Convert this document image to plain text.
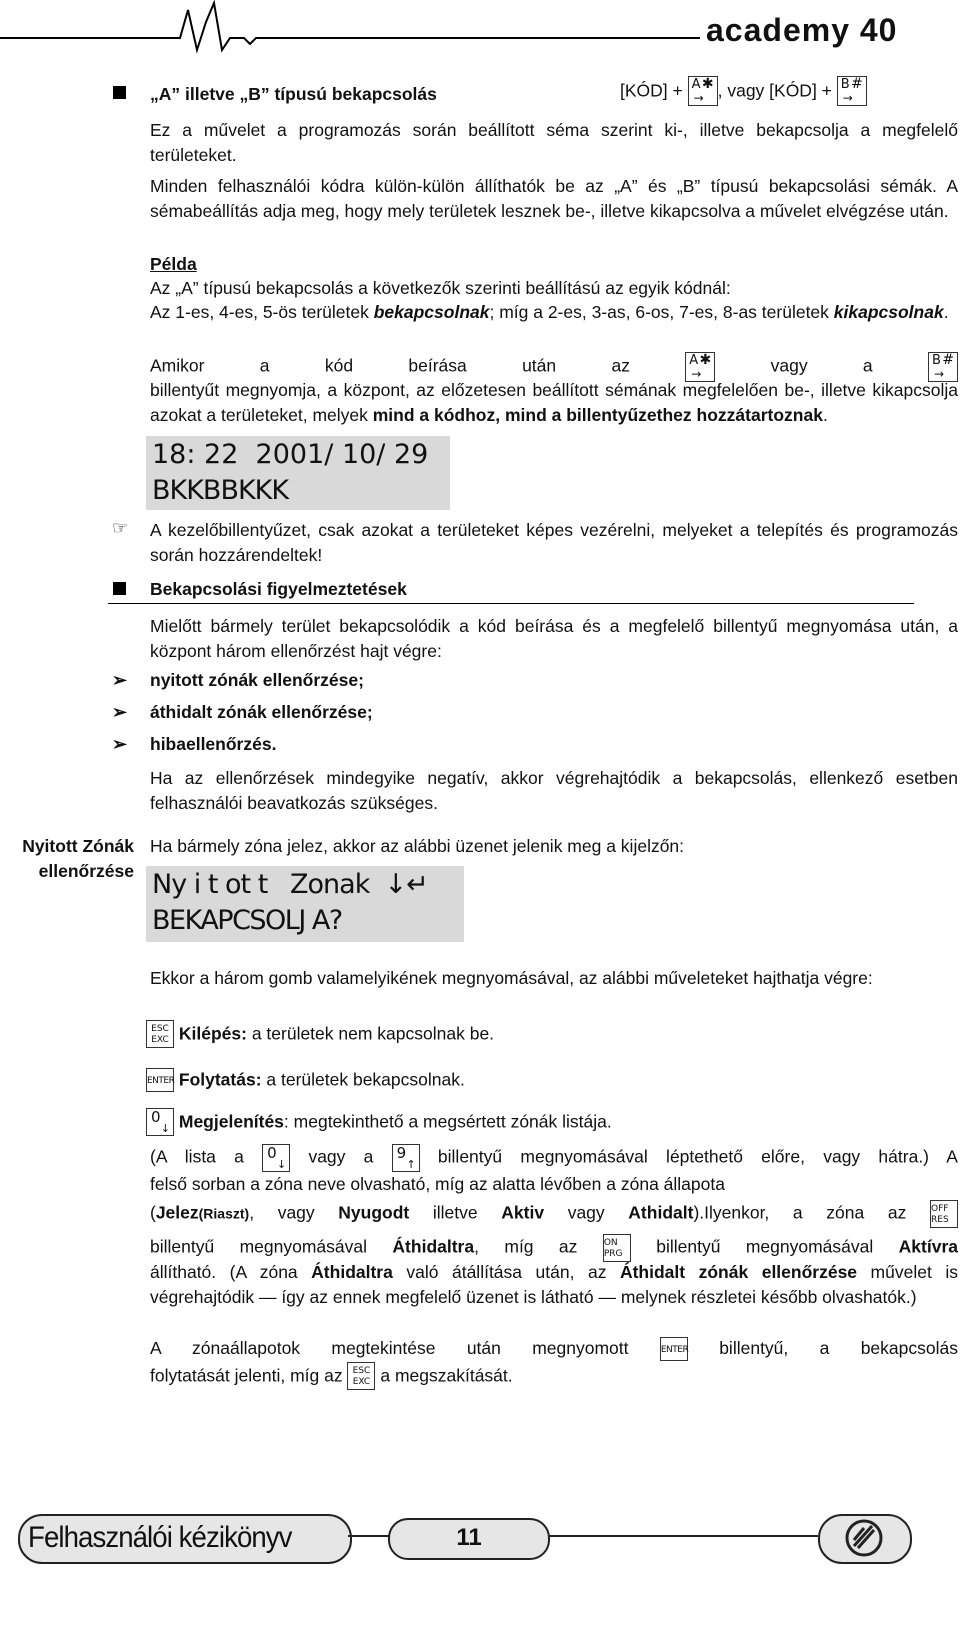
academy 40
„A” illetve „B” típusú bekapcsolás	[KÓD] + A ✱
→ , vagy [KÓD] + B #
→

Ez a művelet a programozás során beállított séma szerint ki-, illetve bekapcsolja a megfelelő területeket.

Minden felhasználói kódra külön-külön állíthatók be az „A” és „B” típusú bekapcsolási sémák. A sémabeállítás adja meg, hogy mely területek lesznek be-, illetve kikapcsolva a művelet elvégzése után.

Példa

Az „A” típusú bekapcsolás a következők szerinti beállítású az egyik kódnál:

Az 1-es, 4-es, 5-ös területek bekapcsolnak; míg a 2-es, 3-as, 6-os, 7-es, 8-as területek kikapcsolnak.

Amikor a kód beírása után az	A ✱
→	vagy a	B #
→

billentyűt megnyomja, a központ, az előzetesen beállított sémának megfelelően be-, illetve kikapcsolja azokat a területeket, melyek mind a kódhoz, mind a billentyűzethez hozzátartoznak.

18: 22  2001/ 10/ 29
BKKBBKKK
☞ A kezelőbillentyűzet, csak azokat a területeket képes vezérelni, melyeket a telepítés és programozás során hozzárendeltek!

Bekapcsolási figyelmeztetések

Mielőtt bármely terület bekapcsolódik a kód beírása és a megfelelő billentyű megnyomása után, a központ három ellenőrzést hajt végre:

➢ nyitott zónák ellenőrzése;
➢ áthidalt zónák ellenőrzése;
➢ hibaellenőrzés.

Ha az ellenőrzések mindegyike negatív, akkor végrehajtódik a bekapcsolás, ellenkező esetben felhasználói beavatkozás szükséges.

Nyitott Zónák
ellenőrzése

Ha bármely zóna jelez, akkor az alábbi üzenet jelenik meg a kijelzőn:

Ny i t ot t   Zonak  ↓↵
BEKAPCSOLJ A?

Ekkor a három gomb valamelyikének megnyomásával, az alábbi műveleteket hajthatja végre:

ESC
EXC Kilépés: a területek nem kapcsolnak be.
ENTER Folytatás: a területek bekapcsolnak.
0
↓ Megjelenítés: megtekinthető a megsértett zónák listája.
(A lista a 0
↓ vagy a 9
↑ billentyű megnyomásával léptethető előre, vagy hátra.) A

felső sorban a zóna neve olvasható, míg az alatta lévőben a zóna állapota

(Jelez(Riaszt), vagy Nyugodt illetve Aktiv vagy Athidalt).Ilyenkor, a zóna az	OFF
RES
billentyű megnyomásával Áthidaltra, míg az	ON
PRG billentyű megnyomásával Aktívra

állítható. (A zóna Áthidaltra való átállítása után, az Áthidalt zónák ellenőrzése művelet is végrehajtódik — így az ennek megfelelő üzenet is látható — melynek részletei később olvashatók.)

A zónaállapotok megtekintése után megnyomott	ENTER billentyű, a bekapcsolás
folytatását jelenti, míg az ESC
EXC a megszakítását.
Felhasználói kézikönyv	11
